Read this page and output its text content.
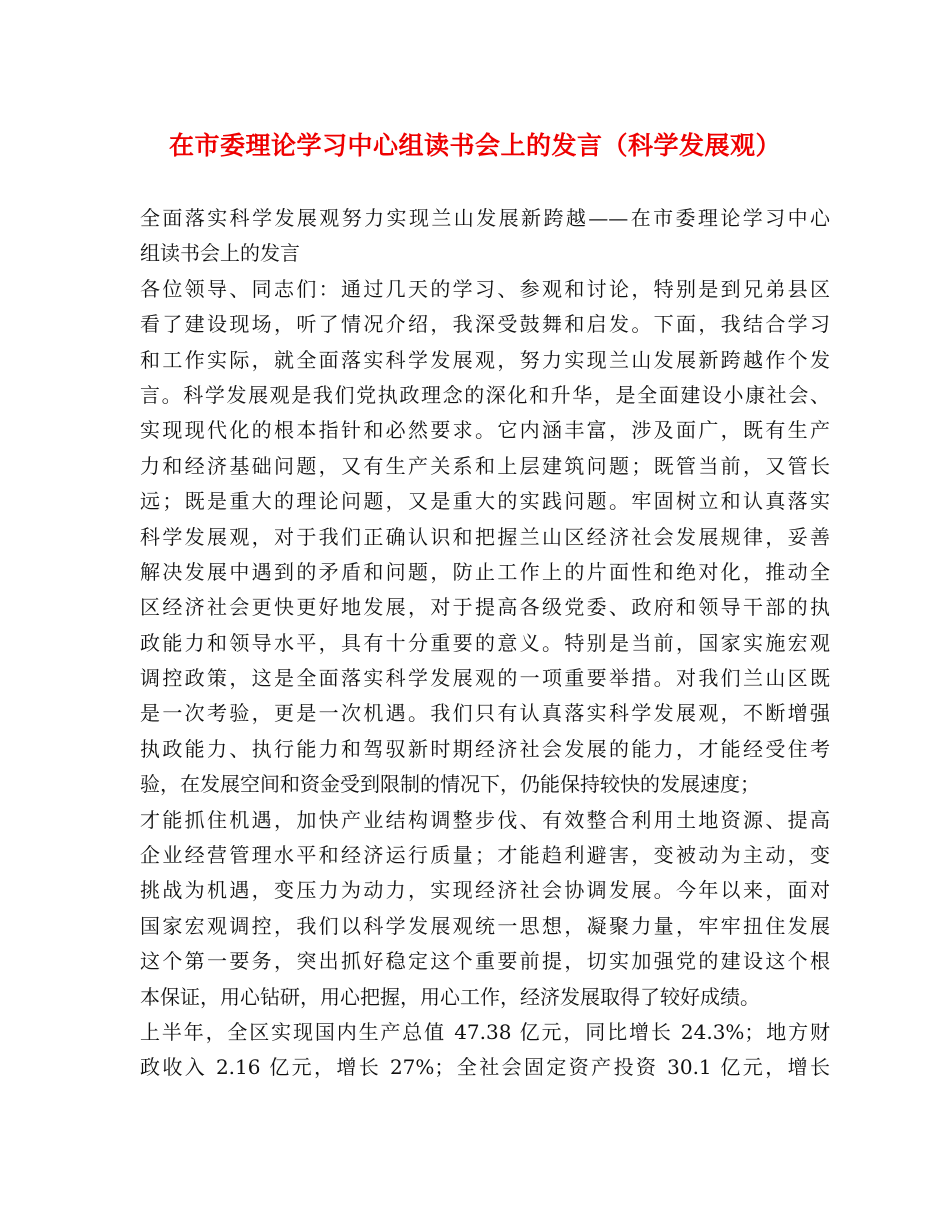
在市委理论学习中心组读书会上的发言（科学发展观）
全面落实科学发展观努力实现兰山发展新跨越——在市委理论学习中心
组读书会上的发言
各位领导、同志们：通过几天的学习、参观和讨论，特别是到兄弟县区
看了建设现场，听了情况介绍，我深受鼓舞和启发。下面，我结合学习
和工作实际，就全面落实科学发展观，努力实现兰山发展新跨越作个发
言。科学发展观是我们党执政理念的深化和升华，是全面建设小康社会、
实现现代化的根本指针和必然要求。它内涵丰富，涉及面广，既有生产
力和经济基础问题，又有生产关系和上层建筑问题；既管当前，又管长
远；既是重大的理论问题，又是重大的实践问题。牢固树立和认真落实
科学发展观，对于我们正确认识和把握兰山区经济社会发展规律，妥善
解决发展中遇到的矛盾和问题，防止工作上的片面性和绝对化，推动全
区经济社会更快更好地发展，对于提高各级党委、政府和领导干部的执
政能力和领导水平，具有十分重要的意义。特别是当前，国家实施宏观
调控政策，这是全面落实科学发展观的一项重要举措。对我们兰山区既
是一次考验，更是一次机遇。我们只有认真落实科学发展观，不断增强
执政能力、执行能力和驾驭新时期经济社会发展的能力，才能经受住考
验，在发展空间和资金受到限制的情况下，仍能保持较快的发展速度；
才能抓住机遇，加快产业结构调整步伐、有效整合利用土地资源、提高
企业经营管理水平和经济运行质量；才能趋利避害，变被动为主动，变
挑战为机遇，变压力为动力，实现经济社会协调发展。今年以来，面对
国家宏观调控，我们以科学发展观统一思想，凝聚力量，牢牢扭住发展
这个第一要务，突出抓好稳定这个重要前提，切实加强党的建设这个根
本保证，用心钻研，用心把握，用心工作，经济发展取得了较好成绩。
上半年，全区实现国内生产总值 47.38 亿元，同比增长 24.3%；地方财
政收入 2.16 亿元，增长 27%；全社会固定资产投资 30.1 亿元，增长
